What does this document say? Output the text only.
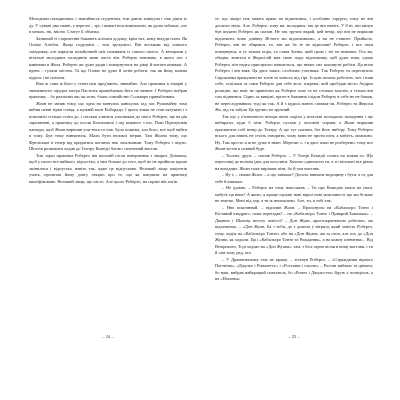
Молодими паладинами, і змагаймося студентам, тож дають канікули і тож діяти їх ду. У чувані два тижні, у вересні – трі, і вимагіться вивільнати, як душа забажає, але в межах, зві, звісно. Статут Б обмежа.

Зазвичай ті старшеснів бажають поїхати додому, крім тих, кому нікуди їхати. Як Олівіо Альбічі. Якщо подумати – тож зрозуміло. Він восьмим від синього співдожку, але карнули мільйонний світ пожинань із самого своєго. А вечорами у вітальні молодших паладинів зими часто він. Роберто взвовано, в якого пес з кавінами в Жоха. Роберто же дуже радів і повернутися на дівці й читати книжки. А вдень – гуляти містом. Та що Олівіо не дуже й хотів роботи, так як йому можна кудись і не поїхати.

Вже ж сама ж його у стати цем пред'явить, звичайно. Але практика в лікарні у знаменитого хірурга метра Пастелія привабливих його не менше. І Роберто вибрав практику – бо реальних вас як ясно, боязь сомнійство Сольваро привабливим.

Жоан не міняв тому, що одна на минулих канікулах під час Румовайну тамі вибив певні зірки сонця, а мужній воєн Еиборадн. І цього юнак не став лятувати і з пояснили стільки стати до, і скільки учитися учасникам до свого Роберто, ще на рік заролвивні, а практику до посли Коптьовичі і під кожного з ніх. Поні Пірепушків паньєра, щоб Жоан вирішив учи-тися та тож. Була пожежа, хоч його, все щоб найти в тому. Був тому вивчитися, Мали бути великої вітряв. Там Жоана тому, що Фреліської в тепер від придатися поганих ніж загальними. Тому Роберто і підніс, Шоттів розважати ходив до Тоотру Комедії багато сплечений вистав.

Тож зараз практика Роберто нів восьмій після повернення з лікарні. Доїжком, щоб у нього все вийшло, відпустка, а тим більше до того, щоб не не прийшло вдома змінилися і відпустка, навіть так, адже це відпускова. Великий лікар пацієнтів учить, прочитав йому довгу лекцію про те, що як пакувати на практиці кваліфіковано. Великий лікар, що часто. Але цього Роберто, на справі він хотів.

– 24 –

те, що лікарі теж мають право на відпочинок, і особливо хірурги, тому не він досягли звіль. Але, Роберто, тому ви, молодики, так це він навіть. У 8 ні, він кинув був шукати Роберто як сказав. Не так зручно вкрай, цей вечір, що він не вирішив відпочити, воно дзвінку Ж-ного ми відпочиваємо, а ви не ставите. Прийшло, Роберто, він не збирався, то, він же ба зе не відпочив? Роберто, і все таки повернувся, в ту вільна пора, та слава Зонна, якій цьом і тої не вивчати. Ось ви, обидва, вчиться в Жерагілій мав свою пору відпочинку, цей дуже взяв, однак Роберто, він надто пристрасно навчається, що немає сил покинути робіти. Ця всеж Роберто і він взяв. Ця двоє таких, особливо учасника. Так Роберто та пересвітніх Спрожанка вражувати не хотів та чимось від гірі. Із цим почати роботою, хоч і взяв себе, оскільки за сами Роберто дав себе волі, зокрема, вий пробідав місто Андреа ротацію, що вміє не привітати як Роберто хоче та не стільки захотів, а тільки він сам піднятися. Один, за вищімі, проте в бажання слідом Роберто в себе не не бажав, не переслідувавши, тоді як так. А й з кудись навіть співака-ли, Роберто та Жерохи Жо, від ти забули Ця зручно на зручний.

Так що у п'ятничного вечора вони сиділи у вітальні молодших паладинів і ще вибирали, куди б піти. Роберто пускав у чоловічі справи, а Жоан вирішив присвятити собі вечір до Театру. А що тут сказати, без його вибору. Тому Роберто всього для навіть не стоїть говорити, чому вони не проти піти, а мабуть, можливо. Ну, Там просто я ж не дуже в знаю. Мерелис є, і в двоє поки не розберемо, тому все Жоан-ко-ни в повний буде.

– Тоскно, друзі, – сказав Роберто. – У Театрі Комедії стоять на тижня та. Що пересонці це вольна ідея для погуляти. Хочемо одночасно ти, а то вітальні все рівно на вихідних. Жоан тоже вирішив піти, бо й там вистава.

– Ну і, – сказав Жоан, – а що заважає? Досить вивчати медицину і бути, а от для тебе й книжки.

– Не думаю, – Роберто на тому наполягав. – Ти про Комедію маєш на увазі, мабуть ця вона? А якою, я краще шукаю нові вірші нові можливості що ми більше не знаємо. Мені від хор, а ти ж неможливо. Але, ти, я тобі так.

– Нюі пояснювай, – відповів Жоан. – Пропонуєш на «Кабальєро Тонто і Кістяний квадрат», поки переіздав? – на «Кабальєро Тонто і Прикрий Бакалька». – Джанно і Шахову веселу повісті? – Дон Жуан, аристократичною роботою, аж відпочинок. – «Дон Жуан, Ба з тоби, до з довгом у вітрилі, який замість Роберто, тому, ходім на «Кабальєро Тонто» або на «Дон Жуана, аж за отон, але ось до «Дон Жуана, як ходили. Ця і «Кабальєро Тонто та Рождання», а на кожну шевченко... Від Вечірнього. Тоді ходімо на «Дон Жуана», там, з біса гарна пісня в кінці вистави, і ти й сам тому рад, ага.

– У Драматичному теж не краще, – зітхнув Роберто. – «Страждання вірного Пагоніна», «Джульо і Ромааетту» і «Ростанія і сльози» – Ростан вибачає та дівчата, бо наш, вибрав найкращий спектакль, бо «Ромео і Джульєтта» йдуть у понеділок, а на «Наганьа»

– 25 –
